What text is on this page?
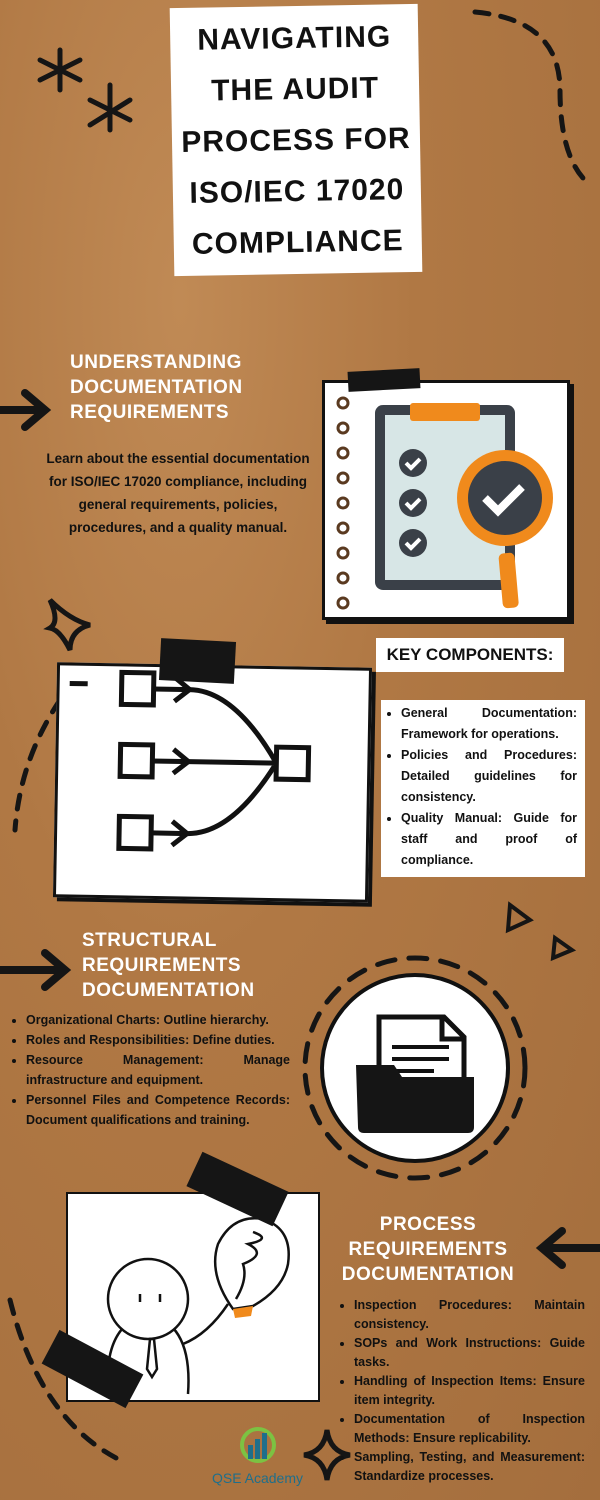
NAVIGATING THE AUDIT PROCESS FOR ISO/IEC 17020 COMPLIANCE
UNDERSTANDING DOCUMENTATION REQUIREMENTS
Learn about the essential documentation for ISO/IEC 17020 compliance, including general requirements, policies, procedures, and a quality manual.
KEY COMPONENTS:
• General Documentation: Framework for operations.
• Policies and Procedures: Detailed guidelines for consistency.
• Quality Manual: Guide for staff and proof of compliance.
STRUCTURAL REQUIREMENTS DOCUMENTATION
• Organizational Charts: Outline hierarchy.
• Roles and Responsibilities: Define duties.
• Resource Management: Manage infrastructure and equipment.
• Personnel Files and Competence Records: Document qualifications and training.
PROCESS REQUIREMENTS DOCUMENTATION
• Inspection Procedures: Maintain consistency.
• SOPs and Work Instructions: Guide tasks.
• Handling of Inspection Items: Ensure item integrity.
• Documentation of Inspection Methods: Ensure replicability.
• Sampling, Testing, and Measurement: Standardize processes.
QSE Academy
